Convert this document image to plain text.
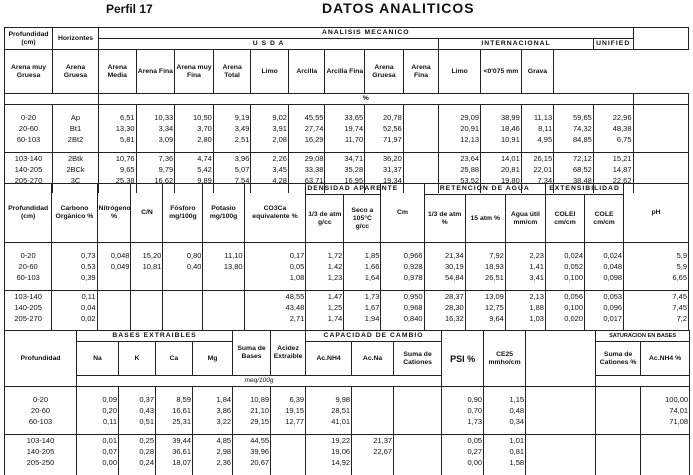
Perfil 17	DATOS ANALITICOS
Profundidad (cm)	Horizontes	ANALISIS MECANICO														
		U S D A									INTERNACIONAL				UNIFIED	
Arena muy Gruesa	Arena Gruesa	Arena Media	Arena Fina	Arena muy Fina	Arena Total	Limo	Arcilla	Arcilla Fina	Arena Gruesa	Arena Fina	Limo	<0'075 mm	Grava			
		%														

0-20	Ap	6,51	10,33	10,50	9,19	9,02	45,55	33,65	20,78		29,09	38,99	11,13	59,65	22,96	
20-60	Bt1	13,30	3,34	3,70	3,49	3,91	27,74	19,74	52,56		20,91	18,46	8,11	74,32	48,38	
60-103	2Bt2	5,81	3,09	2,80	2,51	2,08	16,29	11,70	71,97		12,13	10,91	4,95	84,85	6,75	

103-140	2Btk	10,76	7,36	4,74	3,96	2,26	29,08	34,71	36,20		23,64	14,01	26,15	72,12	15,21	
140-205	2BCk	9,65	9,79	5,42	5,07	3,45	33,38	35,28	31,37		25,88	20,81	22,01	68,52	14,87	
205-270	3C	25,38	16,62	9,89	7,54	4,28	63,71	16,95	19,34		53,52	19,80	7,34	38,48	22,62	

Profundidad (cm)	Carbono Orgánico %	Nitrógeno %	C/N	Fósforo mg/100g	Potasio mg/100g	CO3Ca equivalente %	DENSIDAD APARENTE		Cm	RETENCION DE AGUA			EXTENSIBILIDAD		pH
							1/3 de atm g/cc	Seco a 105°C g/cc		1/3 de atm %	15 atm %	Agua útil mm/cm	COLEI cm/cm	COLE cm/cm	

0-20	0,73	0,048	15,20	0,80	11,10	0,17	1,72	1,85	0,966	21,34	7,92	2,23	0,024	0,024	5,9
20-60	0,53	0,049	10,81	0,40	13,80	0,05	1,42	1,66	0,928	30,19	18,93	1,41	0,052	0,048	5,9
60-103	0,39					1,08	1,23	1,64	0,978	54,84	26,51	3,41	0,100	0,098	6,65

103-140	0,11					48,55	1,47	1,73	0,950	28,37	13,09	2,13	0,056	0,053	7,45
140-205	0,04					43,48	1,25	1,67	0,968	28,30	12,75	1,88	0,100	0,096	7,45
205-270	0,02					2,71	1,74	1,94	0,840	16,32	9,64	1,03	0,020	0,017	7,2

Profundidad	BASES EXTRAIBLES				Suma de Bases	Acidez Extraible	CAPACIDAD DE CAMBIO			PSI %	CE25 mmho/cm		SATURACION EN BASES	
	Na	K	Ca	Mg			Ac.NH4	Ac.Na	Suma de Cationes				Suma de Cationes %	Ac.NH4 %
	meq/100g													

0-20	0,09	0,37	8,59	1,84	10,89	6,39	9,98			0,90	1,15			100,00
20-60	0,20	0,43	16,61	3,86	21,10	19,15	28,51			0,70	0,48			74,01
60-103	0,11	0,51	25,31	3,22	29,15	12,77	41,01			1,73	0,34			71,08

103-140	0,01	0,25	39,44	4,85	44,55		19,22	21,37		0,05	1,01			
140-205	0,07	0,28	36,61	2,98	39,96		19,06	22,67		0,27	0,81			
205-250	0,00	0,24	18,07	2,36	20,67		14,92			0,00	1,58			
